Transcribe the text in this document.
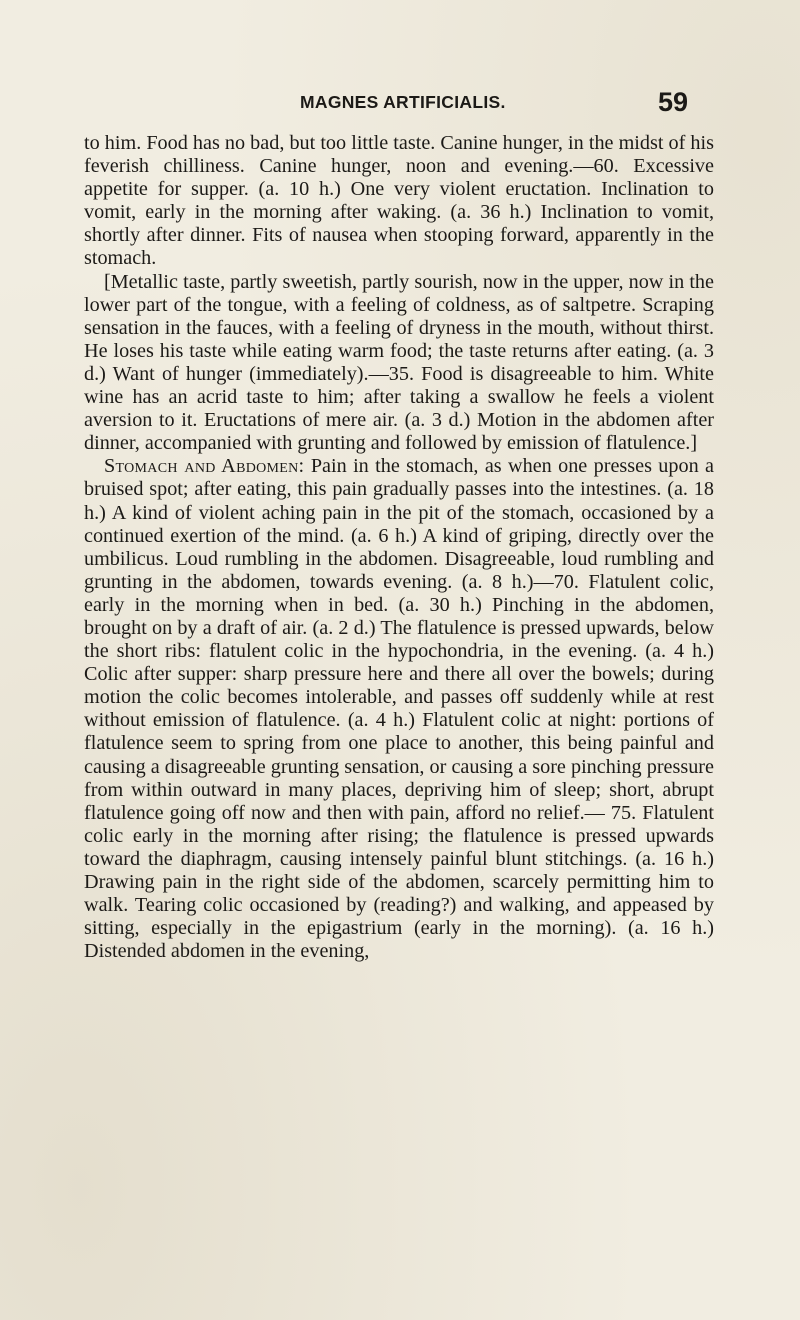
MAGNES ARTIFICIALIS.	59

to him. Food has no bad, but too little taste. Canine hunger, in the midst of his feverish chilliness. Canine hunger, noon and evening.—60. Excessive appetite for supper. (a. 10 h.) One very violent eructation. Inclination to vomit, early in the morning after waking. (a. 36 h.) Inclination to vomit, shortly after dinner. Fits of nausea when stooping forward, apparently in the stomach.

[Metallic taste, partly sweetish, partly sourish, now in the upper, now in the lower part of the tongue, with a feeling of coldness, as of saltpetre. Scraping sensation in the fauces, with a feeling of dryness in the mouth, without thirst. He loses his taste while eating warm food; the taste returns after eating. (a. 3 d.) Want of hunger (immediately).—35. Food is disagreeable to him. White wine has an acrid taste to him; after taking a swallow he feels a violent aversion to it. Eructations of mere air. (a. 3 d.) Motion in the abdomen after dinner, accompanied with grunting and followed by emission of flatulence.]

Stomach and Abdomen: Pain in the stomach, as when one presses upon a bruised spot; after eating, this pain gradually passes into the intestines. (a. 18 h.) A kind of violent aching pain in the pit of the stomach, occasioned by a continued exertion of the mind. (a. 6 h.) A kind of griping, directly over the umbilicus. Loud rumbling in the abdomen. Disagreeable, loud rumbling and grunting in the abdomen, towards evening. (a. 8 h.)—70. Flatulent colic, early in the morning when in bed. (a. 30 h.) Pinching in the abdomen, brought on by a draft of air. (a. 2 d.) The flatulence is pressed upwards, below the short ribs: flatulent colic in the hypochondria, in the evening. (a. 4 h.) Colic after supper: sharp pressure here and there all over the bowels; during motion the colic becomes intolerable, and passes off suddenly while at rest without emission of flatulence. (a. 4 h.) Flatulent colic at night: portions of flatulence seem to spring from one place to another, this being painful and causing a disagreeable grunting sensation, or causing a sore pinching pressure from within outward in many places, depriving him of sleep; short, abrupt flatulence going off now and then with pain, afford no relief.— 75. Flatulent colic early in the morning after rising; the flatulence is pressed upwards toward the diaphragm, causing intensely painful blunt stitchings. (a. 16 h.) Drawing pain in the right side of the abdomen, scarcely permitting him to walk. Tearing colic occasioned by (reading?) and walking, and appeased by sitting, especially in the epigastrium (early in the morning). (a. 16 h.) Distended abdomen in the evening,
